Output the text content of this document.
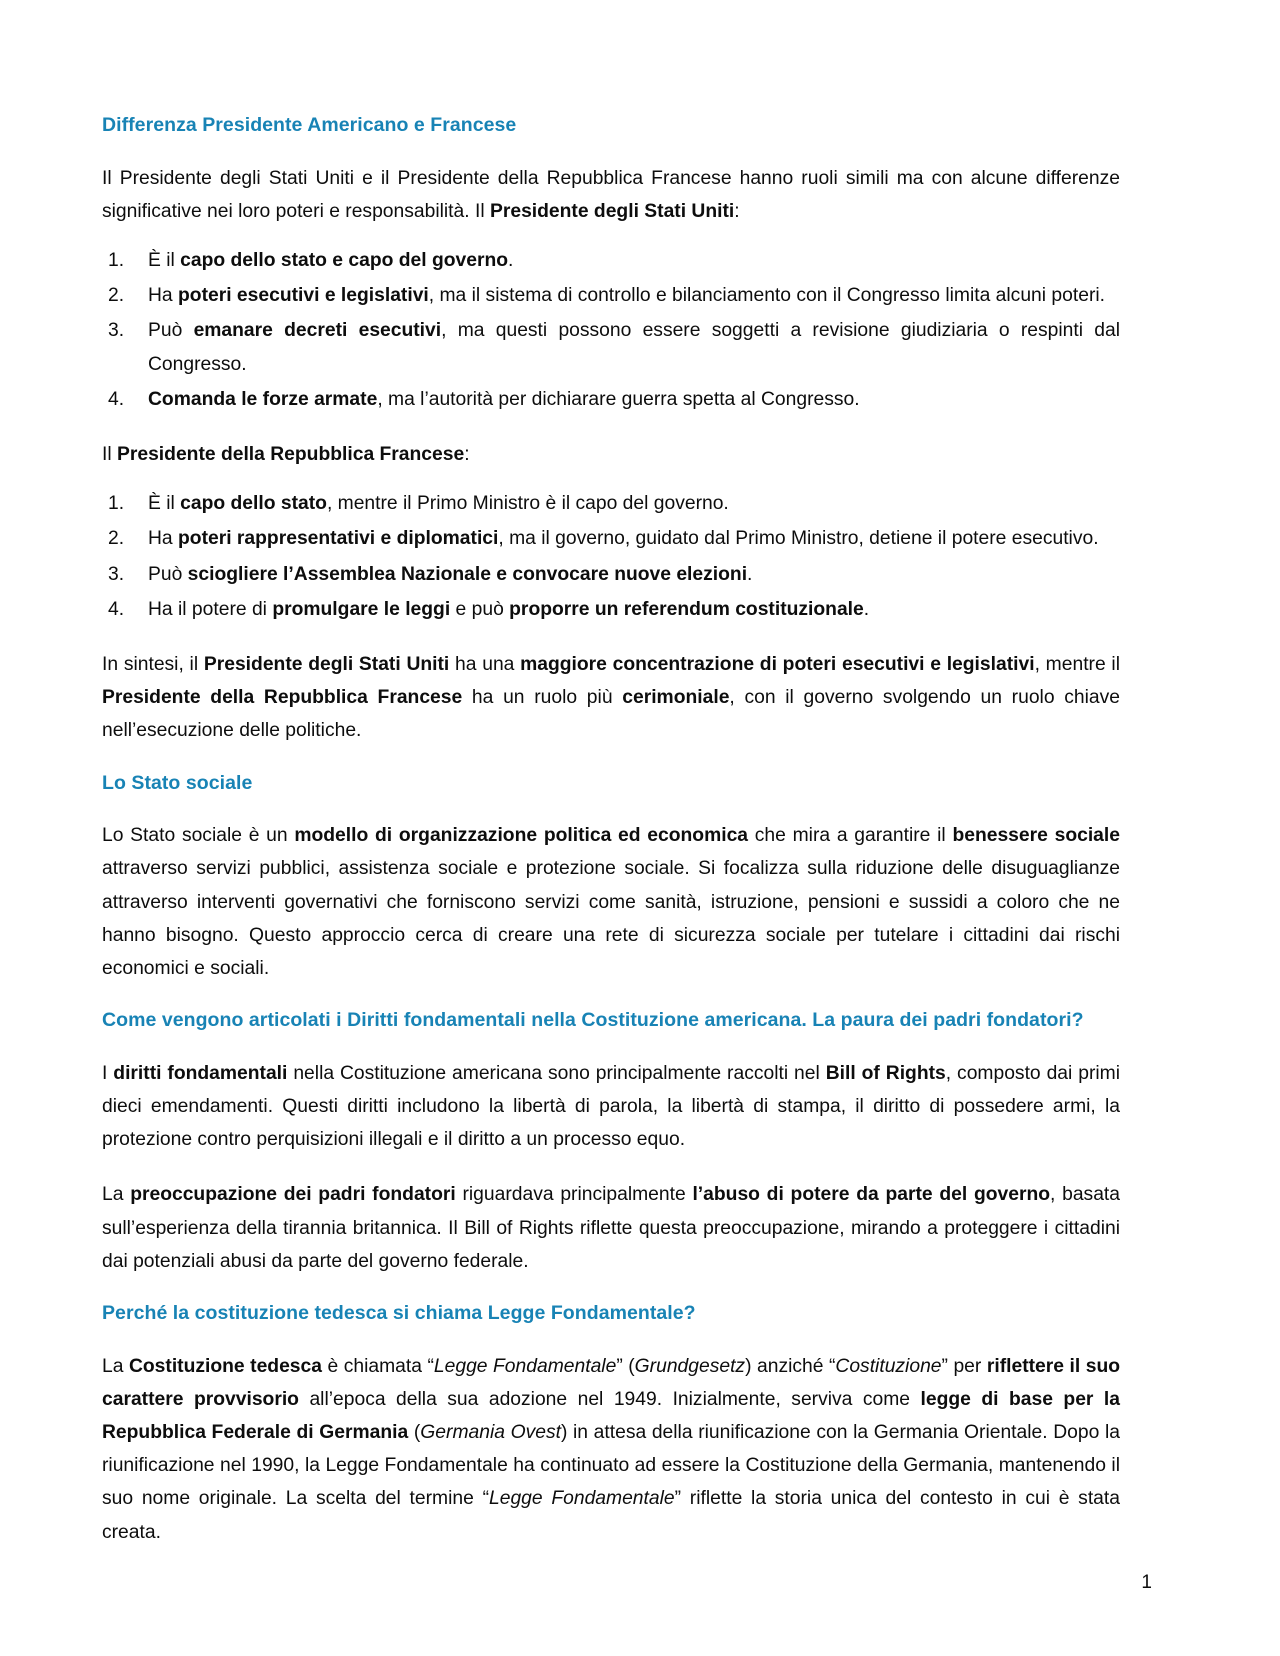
Differenza Presidente Americano e Francese

Il Presidente degli Stati Uniti e il Presidente della Repubblica Francese hanno ruoli simili ma con alcune differenze significative nei loro poteri e responsabilità. Il Presidente degli Stati Uniti:

È il capo dello stato e capo del governo.
Ha poteri esecutivi e legislativi, ma il sistema di controllo e bilanciamento con il Congresso limita alcuni poteri.
Può emanare decreti esecutivi, ma questi possono essere soggetti a revisione giudiziaria o respinti dal Congresso.
Comanda le forze armate, ma l’autorità per dichiarare guerra spetta al Congresso.

Il Presidente della Repubblica Francese:

È il capo dello stato, mentre il Primo Ministro è il capo del governo.
Ha poteri rappresentativi e diplomatici, ma il governo, guidato dal Primo Ministro, detiene il potere esecutivo.
Può sciogliere l’Assemblea Nazionale e convocare nuove elezioni.
Ha il potere di promulgare le leggi e può proporre un referendum costituzionale.

In sintesi, il Presidente degli Stati Uniti ha una maggiore concentrazione di poteri esecutivi e legislativi, mentre il Presidente della Repubblica Francese ha un ruolo più cerimoniale, con il governo svolgendo un ruolo chiave nell’esecuzione delle politiche.

Lo Stato sociale

Lo Stato sociale è un modello di organizzazione politica ed economica che mira a garantire il benessere sociale attraverso servizi pubblici, assistenza sociale e protezione sociale. Si focalizza sulla riduzione delle disuguaglianze attraverso interventi governativi che forniscono servizi come sanità, istruzione, pensioni e sussidi a coloro che ne hanno bisogno. Questo approccio cerca di creare una rete di sicurezza sociale per tutelare i cittadini dai rischi economici e sociali.

Come vengono articolati i Diritti fondamentali nella Costituzione americana. La paura dei padri fondatori?

I diritti fondamentali nella Costituzione americana sono principalmente raccolti nel Bill of Rights, composto dai primi dieci emendamenti. Questi diritti includono la libertà di parola, la libertà di stampa, il diritto di possedere armi, la protezione contro perquisizioni illegali e il diritto a un processo equo.

La preoccupazione dei padri fondatori riguardava principalmente l’abuso di potere da parte del governo, basata sull’esperienza della tirannia britannica. Il Bill of Rights riflette questa preoccupazione, mirando a proteggere i cittadini dai potenziali abusi da parte del governo federale.

Perché la costituzione tedesca si chiama Legge Fondamentale?

La Costituzione tedesca è chiamata “Legge Fondamentale” (Grundgesetz) anziché “Costituzione” per riflettere il suo carattere provvisorio all’epoca della sua adozione nel 1949. Inizialmente, serviva come legge di base per la Repubblica Federale di Germania (Germania Ovest) in attesa della riunificazione con la Germania Orientale. Dopo la riunificazione nel 1990, la Legge Fondamentale ha continuato ad essere la Costituzione della Germania, mantenendo il suo nome originale. La scelta del termine “Legge Fondamentale” riflette la storia unica del contesto in cui è stata creata.

1
